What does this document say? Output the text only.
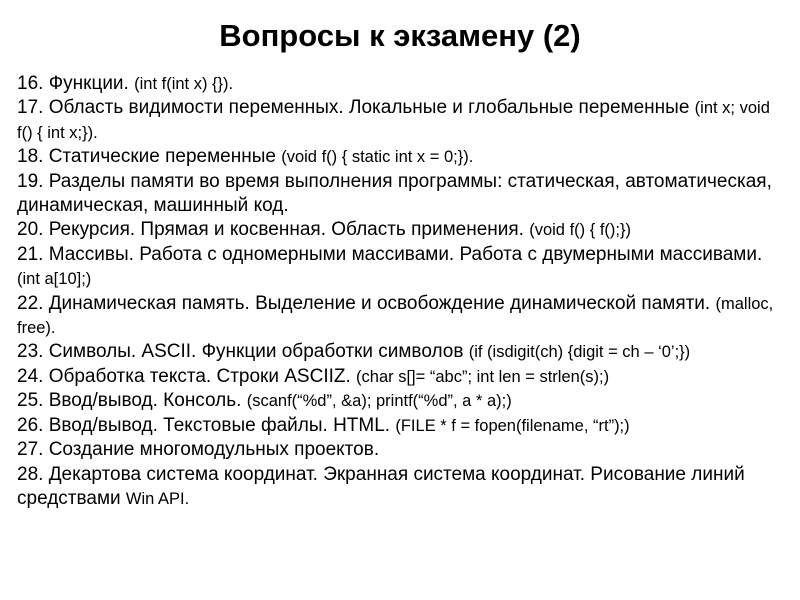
Вопросы к экзамену (2)

16. Функции. (int f(int x) {}).

17. Область видимости переменных. Локальные и глобальные переменные (int x; void f() { int x;}).

18. Статические переменные (void f() { static int x = 0;}).

19. Разделы памяти во время выполнения программы: статическая, автоматическая, динамическая, машинный код.

20. Рекурсия. Прямая и косвенная. Область применения. (void f() { f();})

21. Массивы. Работа с одномерными массивами. Работа с двумерными массивами. (int a[10];)

22. Динамическая память. Выделение и освобождение динамической памяти. (malloc, free).

23. Символы. ASCII. Функции обработки символов (if (isdigit(ch) {digit = ch – ‘0’;})

24. Обработка текста. Строки ASCIIZ. (char s[]= “abc”; int len = strlen(s);)

25. Ввод/вывод. Консоль. (scanf(“%d”, &a); printf(“%d”, a * a);)

26. Ввод/вывод. Текстовые файлы. HTML. (FILE * f = fopen(filename, “rt”);)

27. Создание многомодульных проектов.

28. Декартова система координат. Экранная система координат. Рисование линий средствами Win API.
